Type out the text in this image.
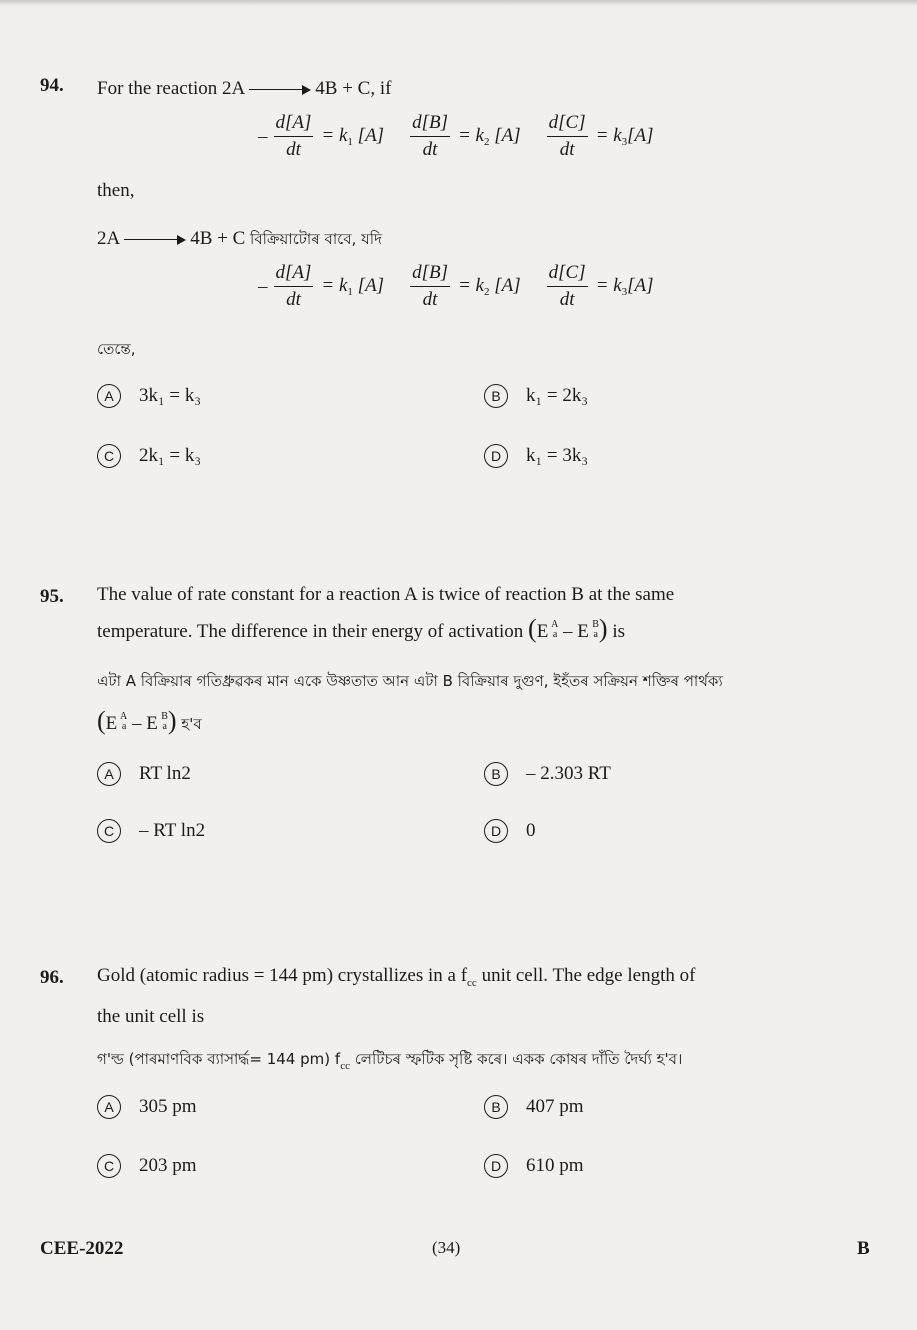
94. For the reaction 2A	4B + C, if
– $\frac{d[A]}{dt} = k_1$ $[A] \frac{d[B]}{dt} = k_2$ $[A] \frac{d[C]}{dt} = k_3[A]$
then,
2A	4B + C বিক্ৰিয়াটোৰ বাবে, যদি
– $\frac{d[A]}{dt} = k_1$ $[A] \frac{d[B]}{dt} = k_2$ $[A] \frac{d[C]}{dt} = k_3[A]$
তেন্তে,
A	3k₁ = k₃	B	k₁ = 2k₃
C	2k₁ = k₃	D	k₁ = 3k₃
95. The value of rate constant for a reaction A is twice of reaction B at the same
temperature. The difference in their energy of activation (E A
a – E B
a ) is
এটা A বিক্ৰিয়াৰ গতিধ্ৰুৱকৰ মান একে উষ্ণতাত আন এটা B বিক্ৰিয়াৰ দুগুণ, ইহঁতৰ সক্ৰিয়ন শক্তিৰ পাৰ্থক্য
(E A
a – E B
a ) হ'ব
A	RT ln2	B	– 2.303 RT
C	– RT ln2	D	0
96. Gold (atomic radius = 144 pm) crystallizes in a $f_{cc}$ unit cell. The edge length of
the unit cell is
গ'ল্ড (পাৰমাণবিক ব্যাসাৰ্দ্ধ= 144 pm) $f_{cc}$ লেটিচৰ স্ফটিক সৃষ্টি কৰে। একক কোষৰ দাঁতি দৈৰ্ঘ্য হ'ব।
A	305 pm	B	407 pm
C	203 pm	D	610 pm
CEE-2022	(34)	B
